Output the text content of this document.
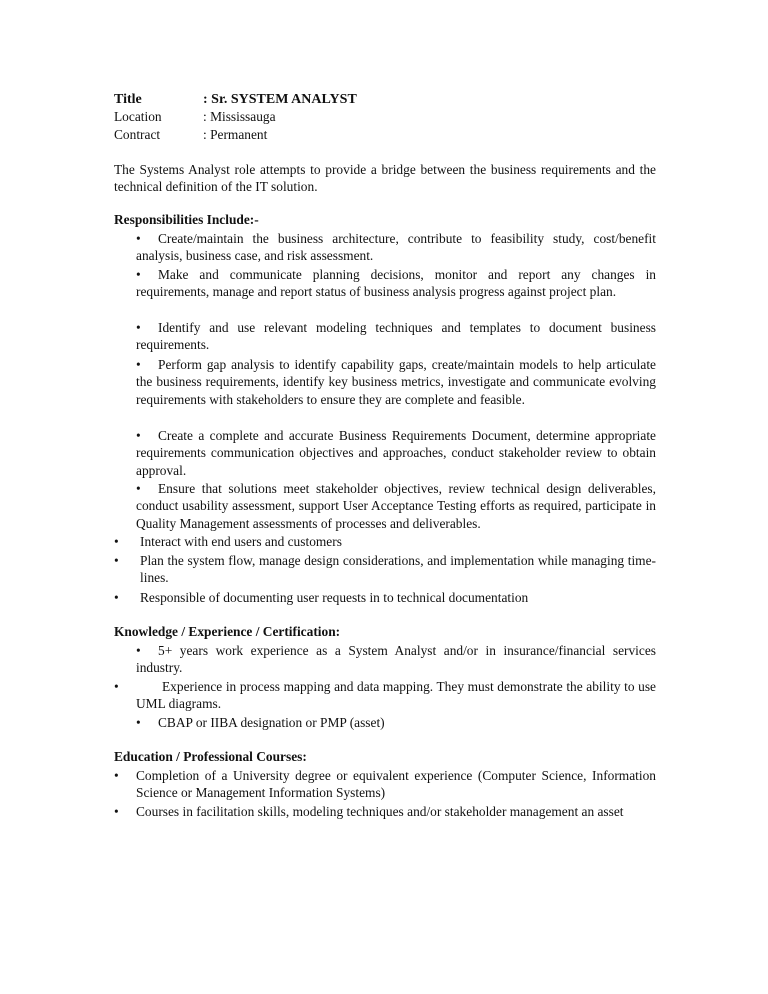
Title	: Sr. SYSTEM ANALYST
Location	: Mississauga
Contract	: Permanent
The Systems Analyst role attempts to provide a bridge between the business requirements and the technical definition of the IT solution.
Responsibilities Include:-
•	Create/maintain the business architecture, contribute to feasibility study, cost/benefit analysis, business case, and risk assessment.
•	Make and communicate planning decisions, monitor and report any changes in requirements, manage and report status of business analysis progress against project plan.
•	Identify and use relevant modeling techniques and templates to document business requirements.
•	Perform gap analysis to identify capability gaps, create/maintain models to help articulate the business requirements, identify key business metrics, investigate and communicate evolving requirements with stakeholders to ensure they are complete and feasible.
•	Create a complete and accurate Business Requirements Document, determine appropriate requirements communication objectives and approaches, conduct stakeholder review to obtain approval.
•	Ensure that solutions meet stakeholder objectives, review technical design deliverables, conduct usability assessment, support User Acceptance Testing efforts as required, participate in Quality Management assessments of processes and deliverables.
• Interact with end users and customers
• Plan the system flow, manage design considerations, and implementation while managing time-lines.
• Responsible of documenting user requests in to technical documentation
Knowledge / Experience / Certification:
•	5+ years work experience as a System Analyst and/or in insurance/financial services industry.
•	Experience in process mapping and data mapping. They must demonstrate the ability to use UML diagrams.
•	CBAP or IIBA designation or PMP (asset)
Education / Professional Courses:
• Completion of a University degree or equivalent experience (Computer Science, Information Science or Management Information Systems)
• Courses in facilitation skills, modeling techniques and/or stakeholder management an asset
